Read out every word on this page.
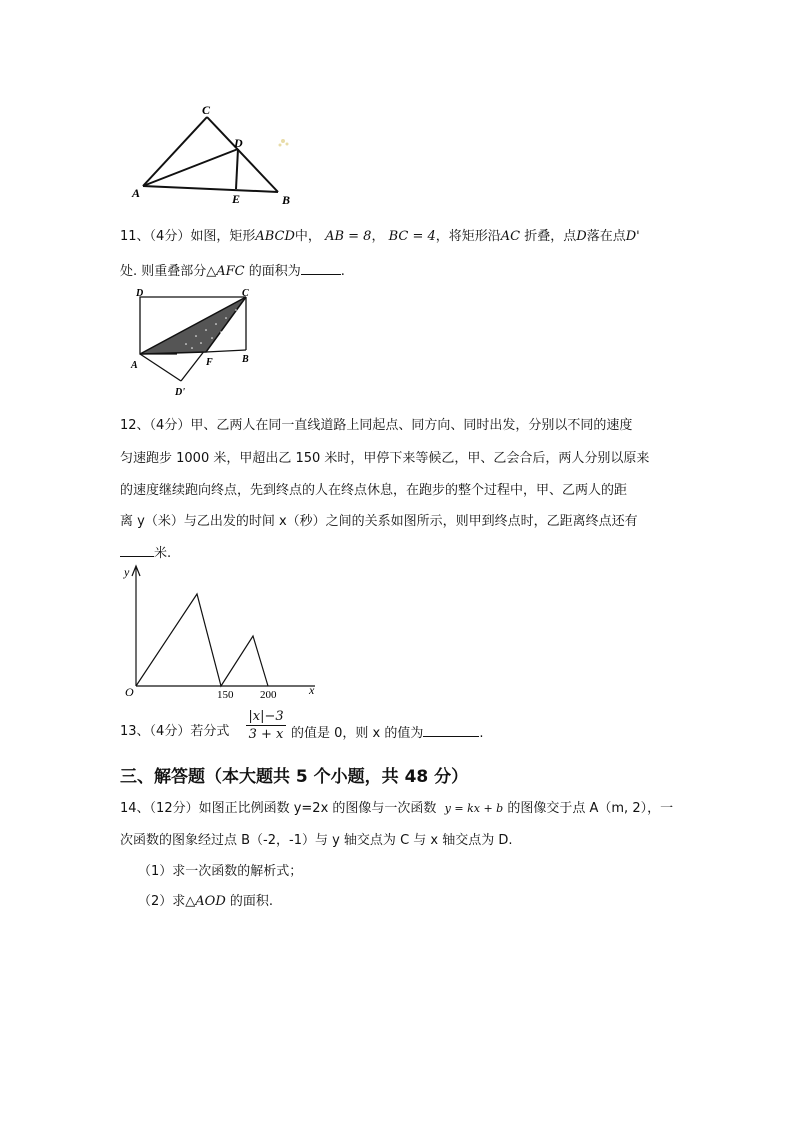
C
D
A	E	B
11、（4分）如图，矩形ABCD中， AB = 8， BC = 4，将矩形沿AC 折叠，点D落在点D'
处. 则重叠部分△AFC 的面积为	.
D	C
A	F	B
D'
12、（4分）甲、乙两人在同一直线道路上同起点、同方向、同时出发，分别以不同的速度
匀速跑步 1000 米，甲超出乙 150 米时，甲停下来等候乙，甲、乙会合后，两人分别以原来
的速度继续跑向终点，先到终点的人在终点休息，在跑步的整个过程中，甲、乙两人的距
离 y（米）与乙出发的时间 x（秒）之间的关系如图所示，则甲到终点时，乙距离终点还有
米.
y
x
O	150 200
13、（4分）若分式
|x|−3
3 + x 的值是 0，则 x 的值为	.
三、解答题（本大题共 5 个小题，共 48 分）
14、（12分）如图正比例函数 y=2x 的图像与一次函数 y = kx + b 的图像交于点 A（m, 2），一
次函数的图象经过点 B（-2，-1）与 y 轴交点为 C 与 x 轴交点为 D.
（1）求一次函数的解析式；
（2）求△AOD 的面积.
